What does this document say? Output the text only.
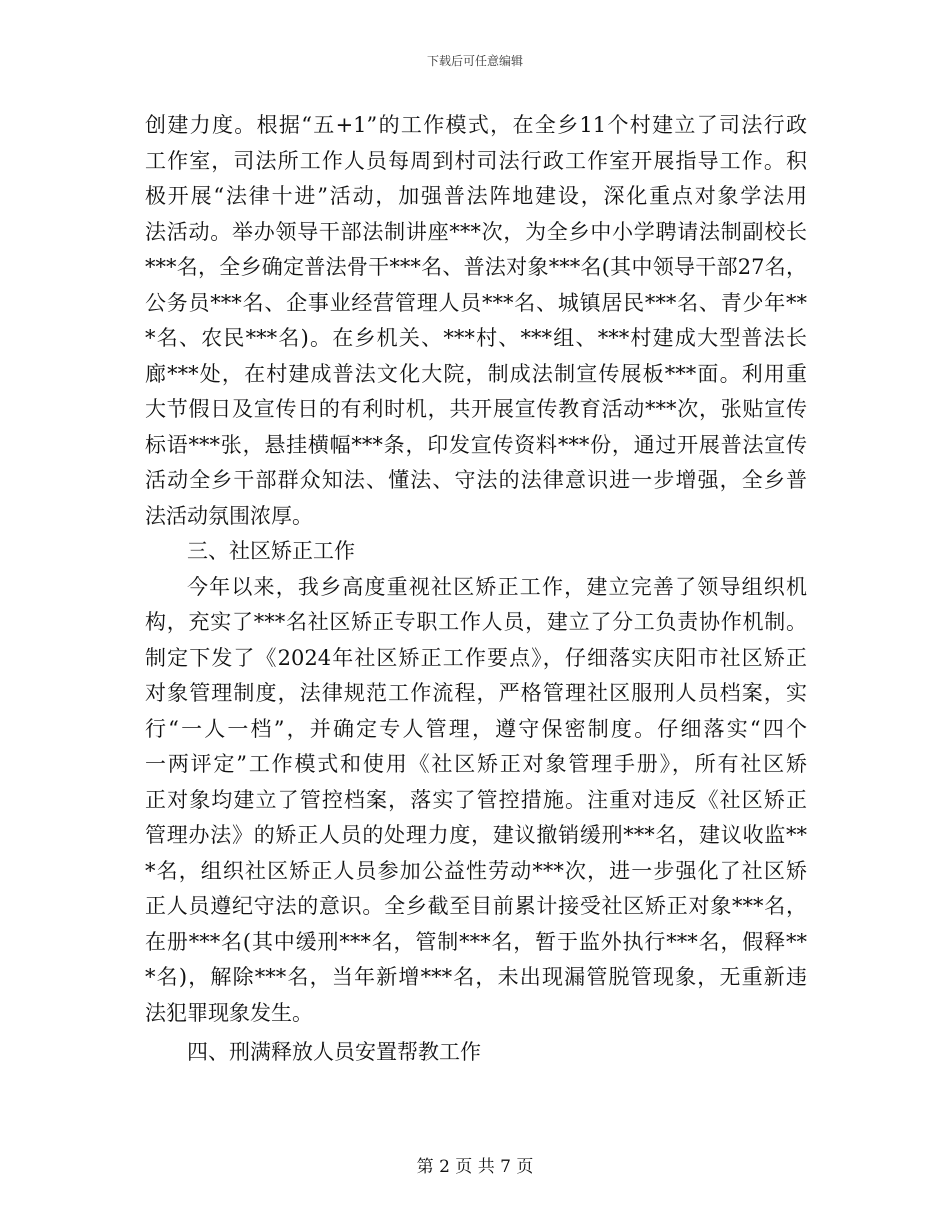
下载后可任意编辑
创建力度。根据“五+1”的工作模式，在全乡11个村建立了司法行政
工作室，司法所工作人员每周到村司法行政工作室开展指导工作。积
极开展“法律十进”活动，加强普法阵地建设，深化重点对象学法用
法活动。举办领导干部法制讲座***次，为全乡中小学聘请法制副校长
***名，全乡确定普法骨干***名、普法对象***名(其中领导干部27名，
公务员***名、企事业经营管理人员***名、城镇居民***名、青少年**
*名、农民***名)。在乡机关、***村、***组、***村建成大型普法长
廊***处，在村建成普法文化大院，制成法制宣传展板***面。利用重
大节假日及宣传日的有利时机，共开展宣传教育活动***次，张贴宣传
标语***张，悬挂横幅***条，印发宣传资料***份，通过开展普法宣传
活动全乡干部群众知法、懂法、守法的法律意识进一步增强，全乡普
法活动氛围浓厚。
三、社区矫正工作
今年以来，我乡高度重视社区矫正工作，建立完善了领导组织机
构，充实了***名社区矫正专职工作人员，建立了分工负责协作机制。
制定下发了《2024年社区矫正工作要点》，仔细落实庆阳市社区矫正
对象管理制度，法律规范工作流程，严格管理社区服刑人员档案，实
行“一人一档”，并确定专人管理，遵守保密制度。仔细落实“四个
一两评定”工作模式和使用《社区矫正对象管理手册》，所有社区矫
正对象均建立了管控档案，落实了管控措施。注重对违反《社区矫正
管理办法》的矫正人员的处理力度，建议撤销缓刑***名，建议收监**
*名，组织社区矫正人员参加公益性劳动***次，进一步强化了社区矫
正人员遵纪守法的意识。全乡截至目前累计接受社区矫正对象***名，
在册***名(其中缓刑***名，管制***名，暂于监外执行***名，假释**
*名)，解除***名，当年新增***名，未出现漏管脱管现象，无重新违
法犯罪现象发生。
四、刑满释放人员安置帮教工作
第 2 页 共 7 页
